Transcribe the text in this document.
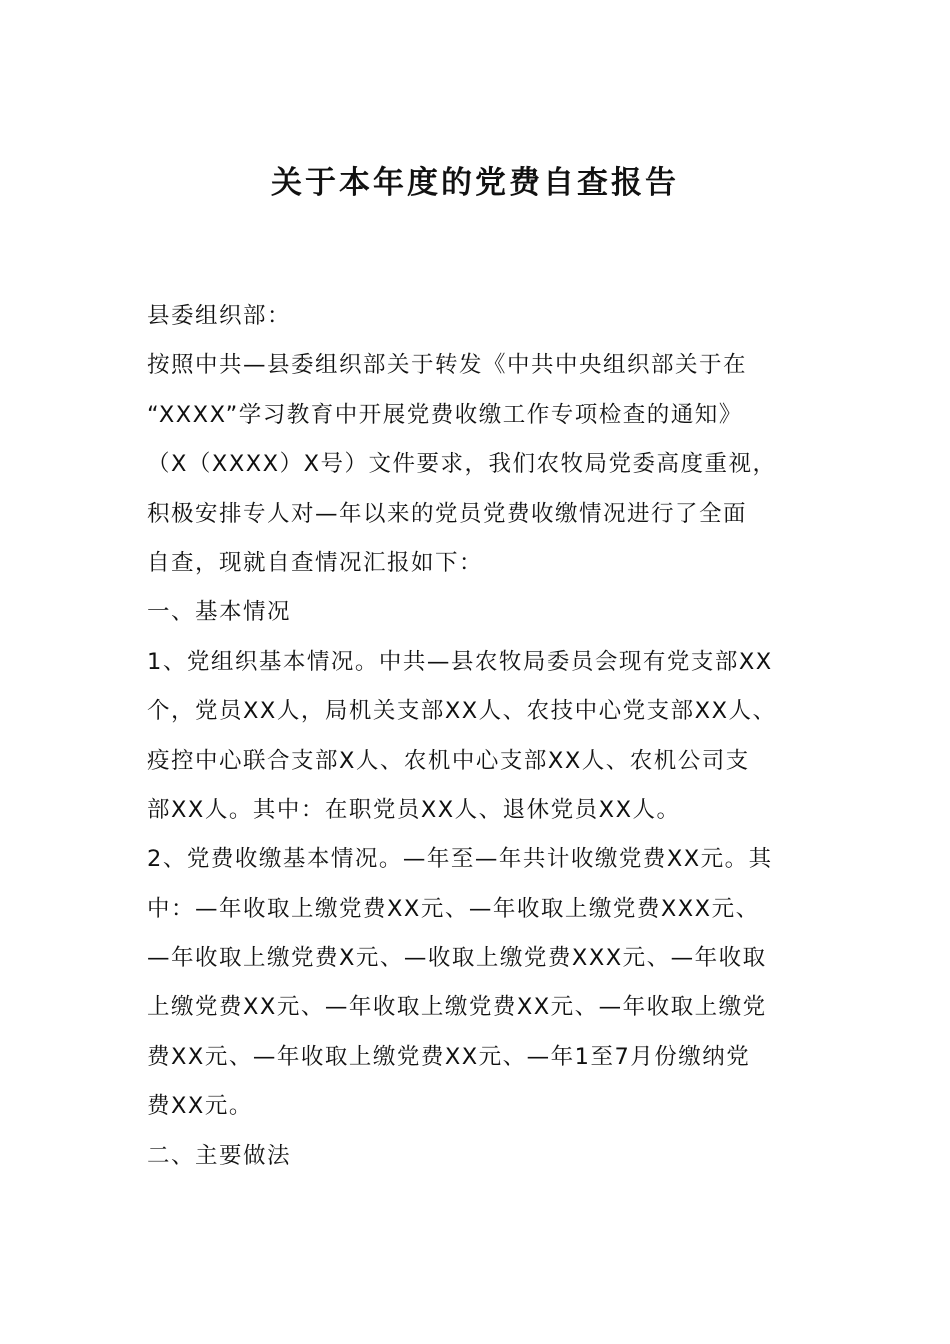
关于本年度的党费自查报告
县委组织部：
按照中共—县委组织部关于转发《中共中央组织部关于在
“XXXX”学习教育中开展党费收缴工作专项检查的通知》
（X（XXXX）X号）文件要求，我们农牧局党委高度重视，
积极安排专人对—年以来的党员党费收缴情况进行了全面
自查，现就自查情况汇报如下：
一、基本情况
1、党组织基本情况。中共—县农牧局委员会现有党支部XX
个，党员XX人，局机关支部XX人、农技中心党支部XX人、
疫控中心联合支部X人、农机中心支部XX人、农机公司支
部XX人。其中：在职党员XX人、退休党员XX人。
2、党费收缴基本情况。—年至—年共计收缴党费XX元。其
中：—年收取上缴党费XX元、—年收取上缴党费XXX元、
—年收取上缴党费X元、—收取上缴党费XXX元、—年收取
上缴党费XX元、—年收取上缴党费XX元、—年收取上缴党
费XX元、—年收取上缴党费XX元、—年1至7月份缴纳党
费XX元。
二、主要做法
